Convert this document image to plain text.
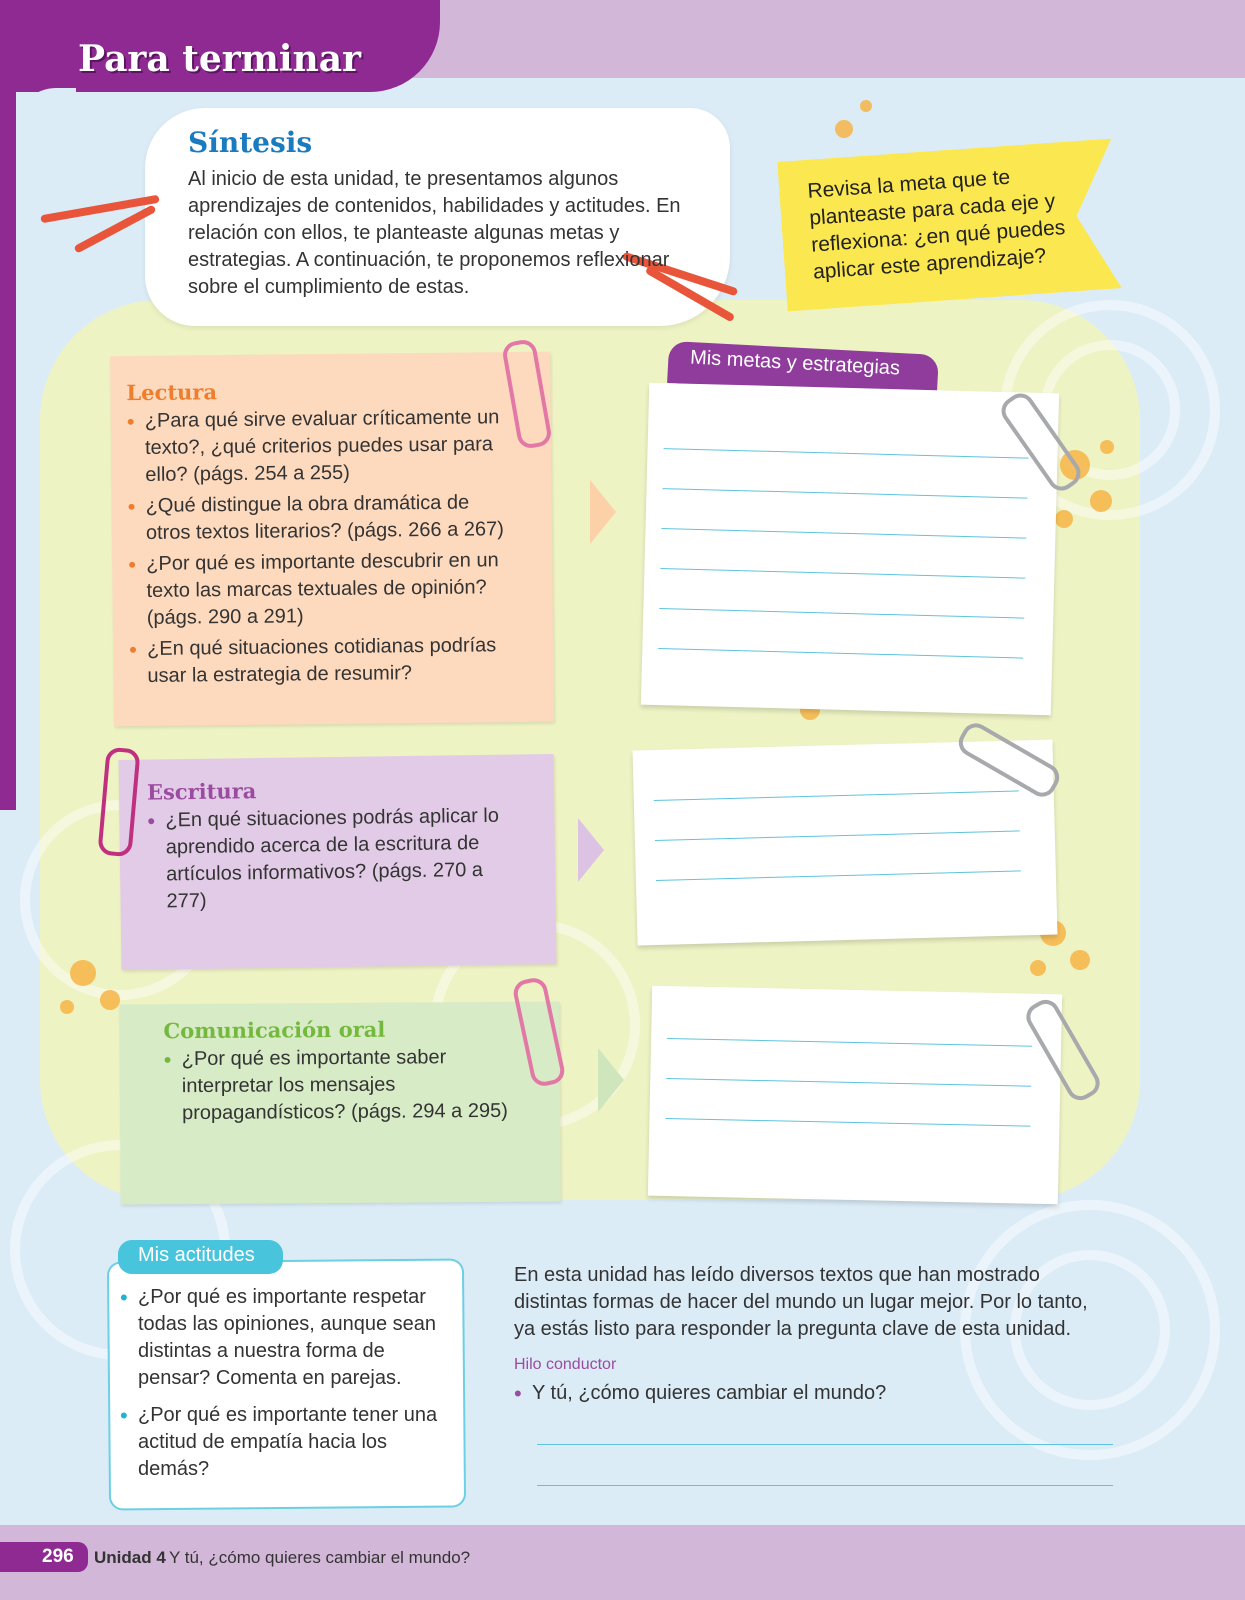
Para terminar
Síntesis
Al inicio de esta unidad, te presentamos algunos aprendizajes de contenidos, habilidades y actitudes. En relación con ellos, te planteaste algunas metas y estrategias. A continuación, te proponemos reflexionar sobre el cumplimiento de estas.
Revisa la meta que te planteaste para cada eje y reflexiona: ¿en qué puedes aplicar este aprendizaje?
Lectura
• ¿Para qué sirve evaluar críticamente un texto?, ¿qué criterios puedes usar para ello? (págs. 254 a 255)
• ¿Qué distingue la obra dramática de otros textos literarios? (págs. 266 a 267)
• ¿Por qué es importante descubrir en un texto las marcas textuales de opinión? (págs. 290 a 291)
• ¿En qué situaciones cotidianas podrías usar la estrategia de resumir?
Escritura
• ¿En qué situaciones podrás aplicar lo aprendido acerca de la escritura de artículos informativos? (págs. 270 a 277)
Comunicación oral
• ¿Por qué es importante saber interpretar los mensajes propagandísticos? (págs. 294 a 295)
Mis metas y estrategias
Mis actitudes
• ¿Por qué es importante respetar todas las opiniones, aunque sean distintas a nuestra forma de pensar? Comenta en parejas.
• ¿Por qué es importante tener una actitud de empatía hacia los demás?
En esta unidad has leído diversos textos que han mostrado distintas formas de hacer del mundo un lugar mejor. Por lo tanto, ya estás listo para responder la pregunta clave de esta unidad.
Hilo conductor
• Y tú, ¿cómo quieres cambiar el mundo?
296 Unidad 4 Y tú, ¿cómo quieres cambiar el mundo?
